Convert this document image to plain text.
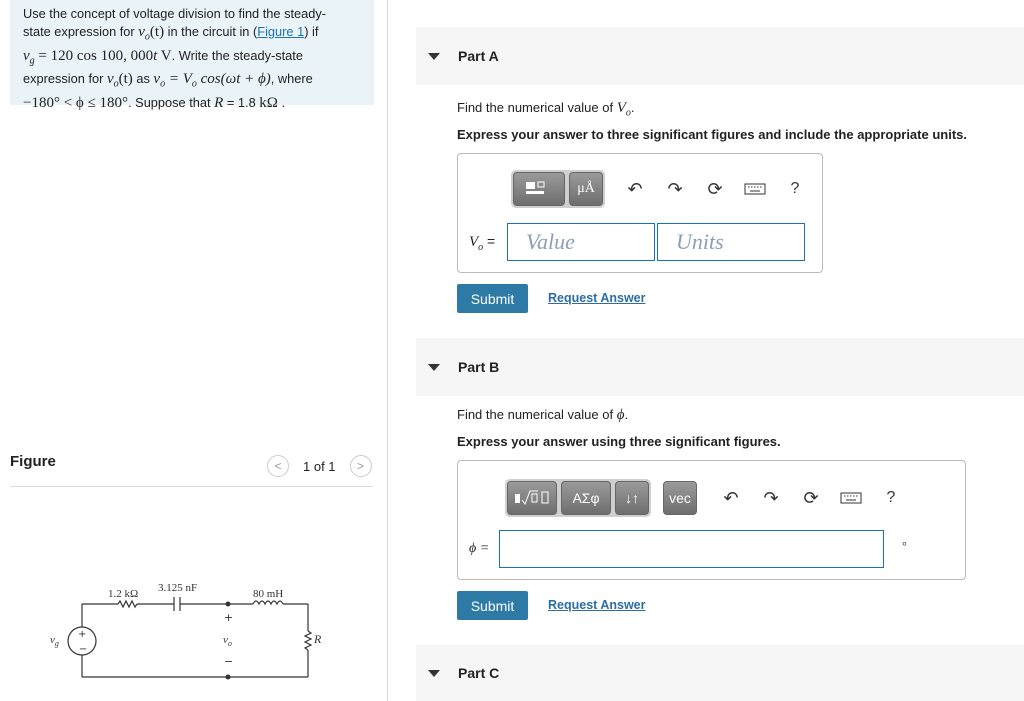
Use the concept of voltage division to find the steady-
state expression for $v_o(t)$ in the circuit in (Figure 1) if
$v_g = 120$ cos 100, 000t V. Write the steady-state
expression for $v_o(t)$ as $v_o = V_o$ cos(ωt + ϕ), where
−180° < ϕ ≤ 180°. Suppose that R = 1.8 kΩ .
Figure	< 1 of 1 >
+
−
$v_g$
1.2 kΩ 3.125 nF	80 mH
+
$v_o$
−
R
Part A
Find the numerical value of $V_o$.
Express your answer to three significant figures and include the appropriate units.
μÅ	↶	↷	⟳	?
$V_o$ =	Value	Units
Submit	Request Answer
Part B
Find the numerical value of ϕ.
Express your answer using three significant figures.
ΑΣφ	↓↑	vec	↶	↷	⟳	?
ϕ =	∘
Submit	Request Answer
Part C
